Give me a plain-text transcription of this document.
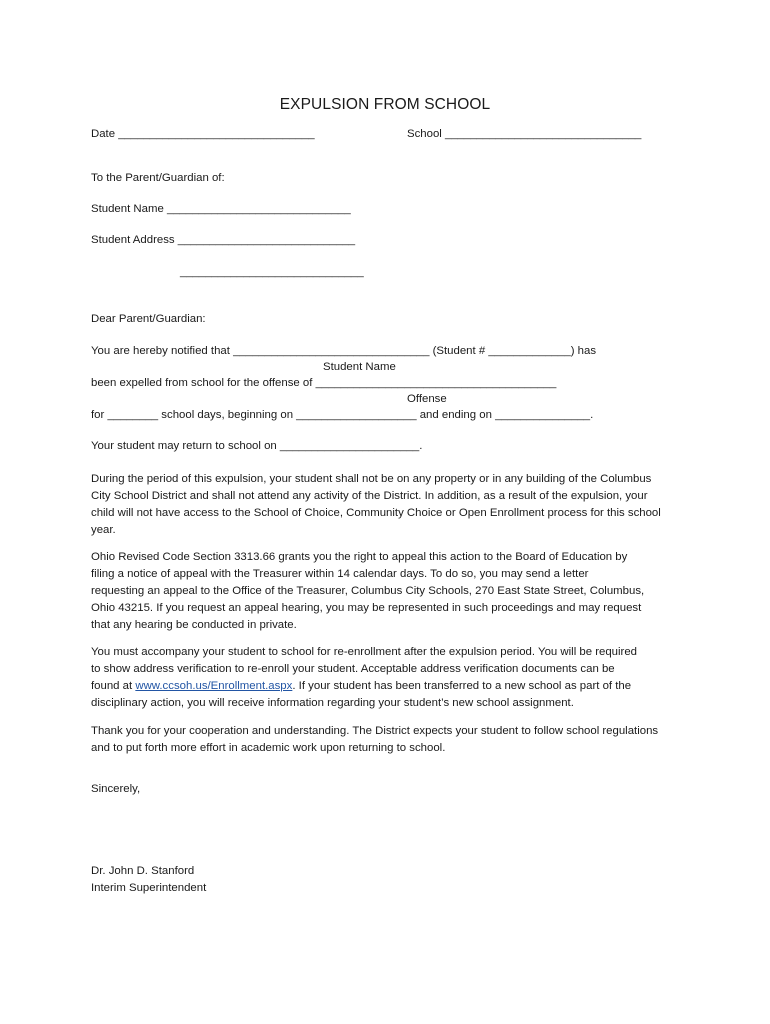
EXPULSION FROM SCHOOL
Date _______________________________	School _______________________________
To the Parent/Guardian of:
Student Name _____________________________
Student Address ____________________________
_____________________________
Dear Parent/Guardian:
You are hereby notified that _______________________________ (Student # _____________) has
Student Name
been expelled from school for the offense of ______________________________________
Offense
for ________ school days, beginning on ___________________ and ending on _______________.
Your student may return to school on ______________________.
During the period of this expulsion, your student shall not be on any property or in any building of the Columbus
City School District and shall not attend any activity of the District. In addition, as a result of the expulsion, your
child will not have access to the School of Choice, Community Choice or Open Enrollment process for this school
year.
Ohio Revised Code Section 3313.66 grants you the right to appeal this action to the Board of Education by
filing a notice of appeal with the Treasurer within 14 calendar days. To do so, you may send a letter
requesting an appeal to the Office of the Treasurer, Columbus City Schools, 270 East State Street, Columbus,
Ohio 43215. If you request an appeal hearing, you may be represented in such proceedings and may request
that any hearing be conducted in private.
You must accompany your student to school for re-enrollment after the expulsion period. You will be required
to show address verification to re-enroll your student. Acceptable address verification documents can be
found at www.ccsoh.us/Enrollment.aspx. If your student has been transferred to a new school as part of the
disciplinary action, you will receive information regarding your student’s new school assignment.
Thank you for your cooperation and understanding. The District expects your student to follow school regulations
and to put forth more effort in academic work upon returning to school.
Sincerely,
Dr. John D. Stanford
Interim Superintendent
